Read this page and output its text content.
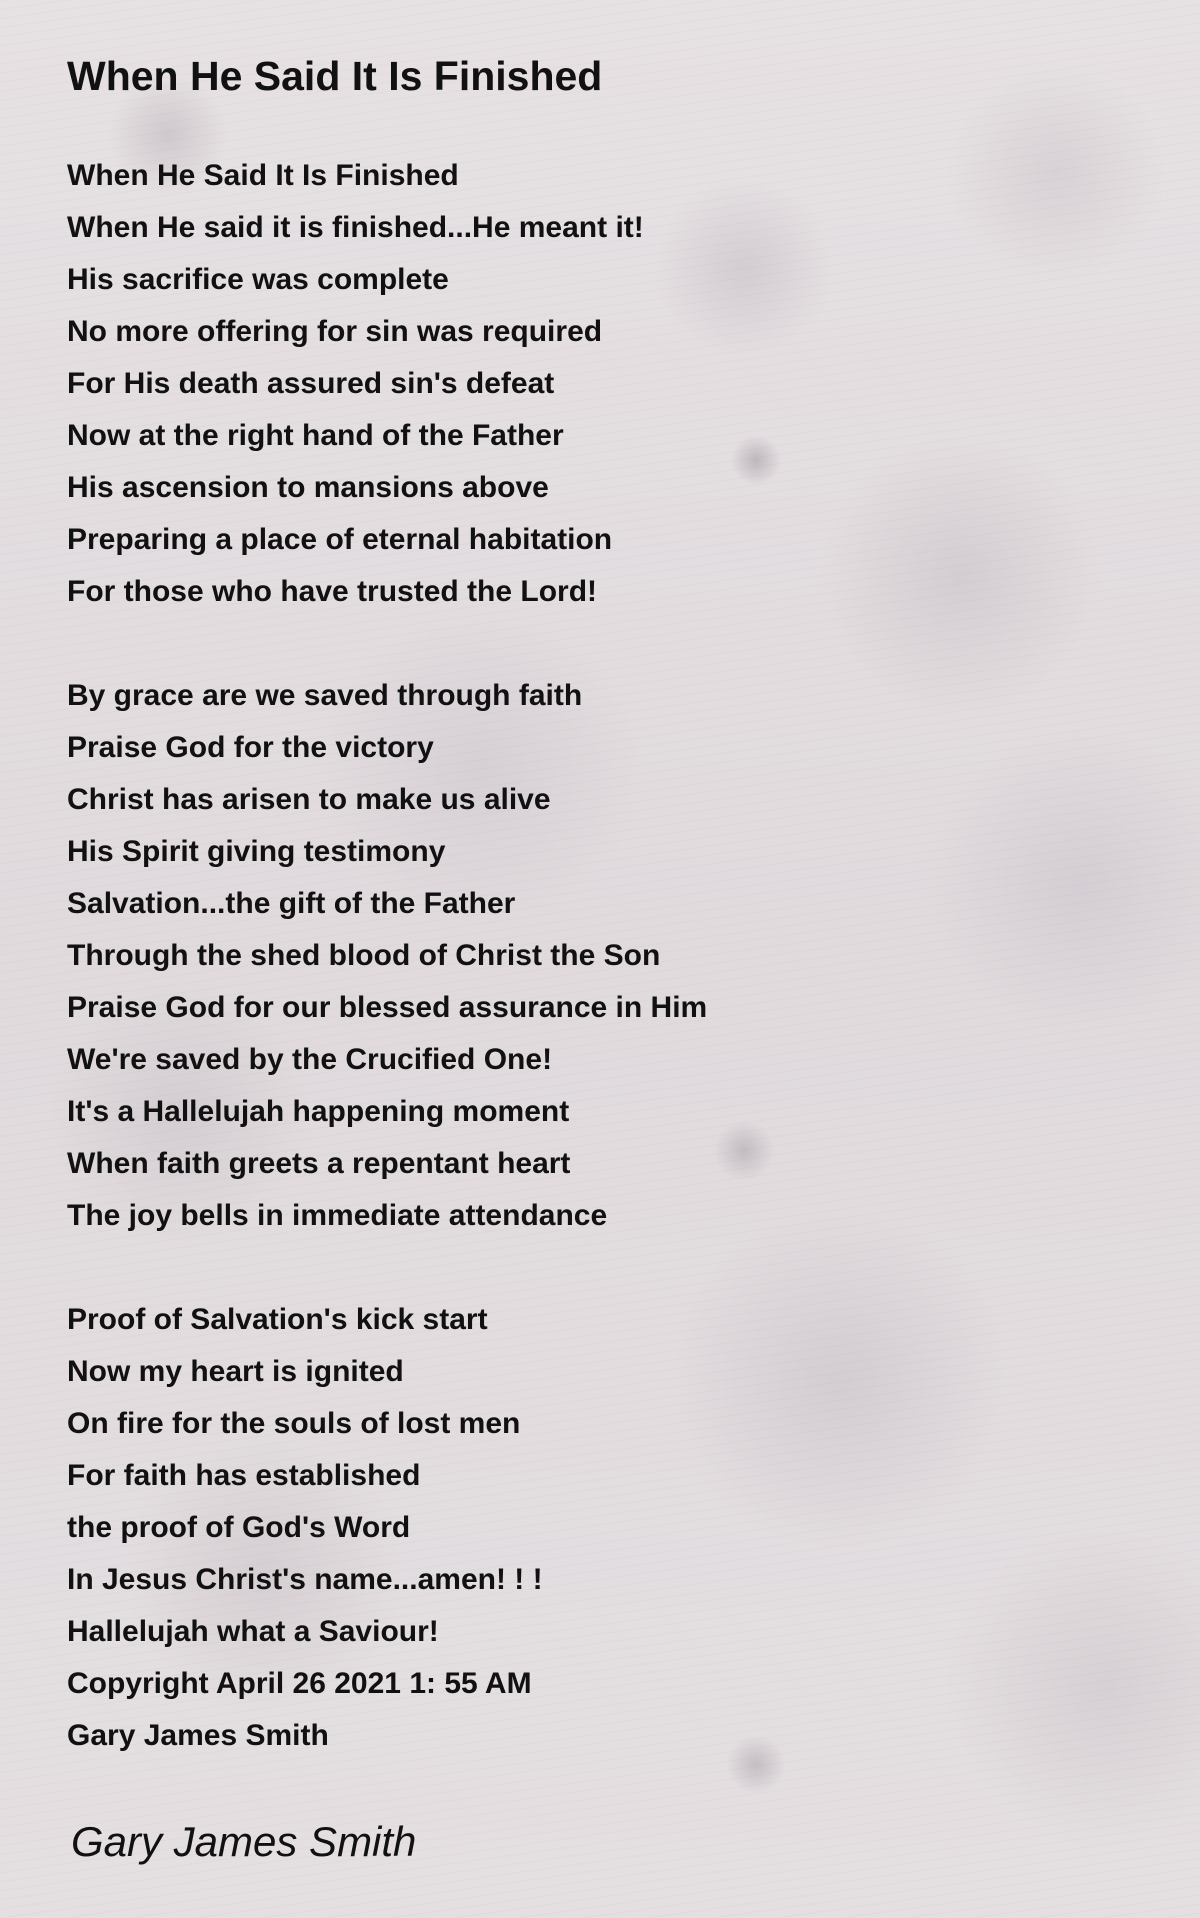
When He Said It Is Finished
When He Said It Is Finished
When He said it is finished...He meant it!
His sacrifice was complete
No more offering for sin was required
For His death assured sin's defeat
Now at the right hand of the Father
His ascension to mansions above
Preparing a place of eternal habitation
For those who have trusted the Lord!
By grace are we saved through faith
Praise God for the victory
Christ has arisen to make us alive
His Spirit giving testimony
Salvation...the gift of the Father
Through the shed blood of Christ the Son
Praise God for our blessed assurance in Him
We're saved by the Crucified One!
It's a Hallelujah happening moment
When faith greets a repentant heart
The joy bells in immediate attendance
Proof of Salvation's kick start
Now my heart is ignited
On fire for the souls of lost men
For faith has established
the proof of God's Word
In Jesus Christ's name...amen! ! !
Hallelujah what a Saviour!
Copyright April 26 2021 1: 55 AM
Gary James Smith
Gary James Smith
